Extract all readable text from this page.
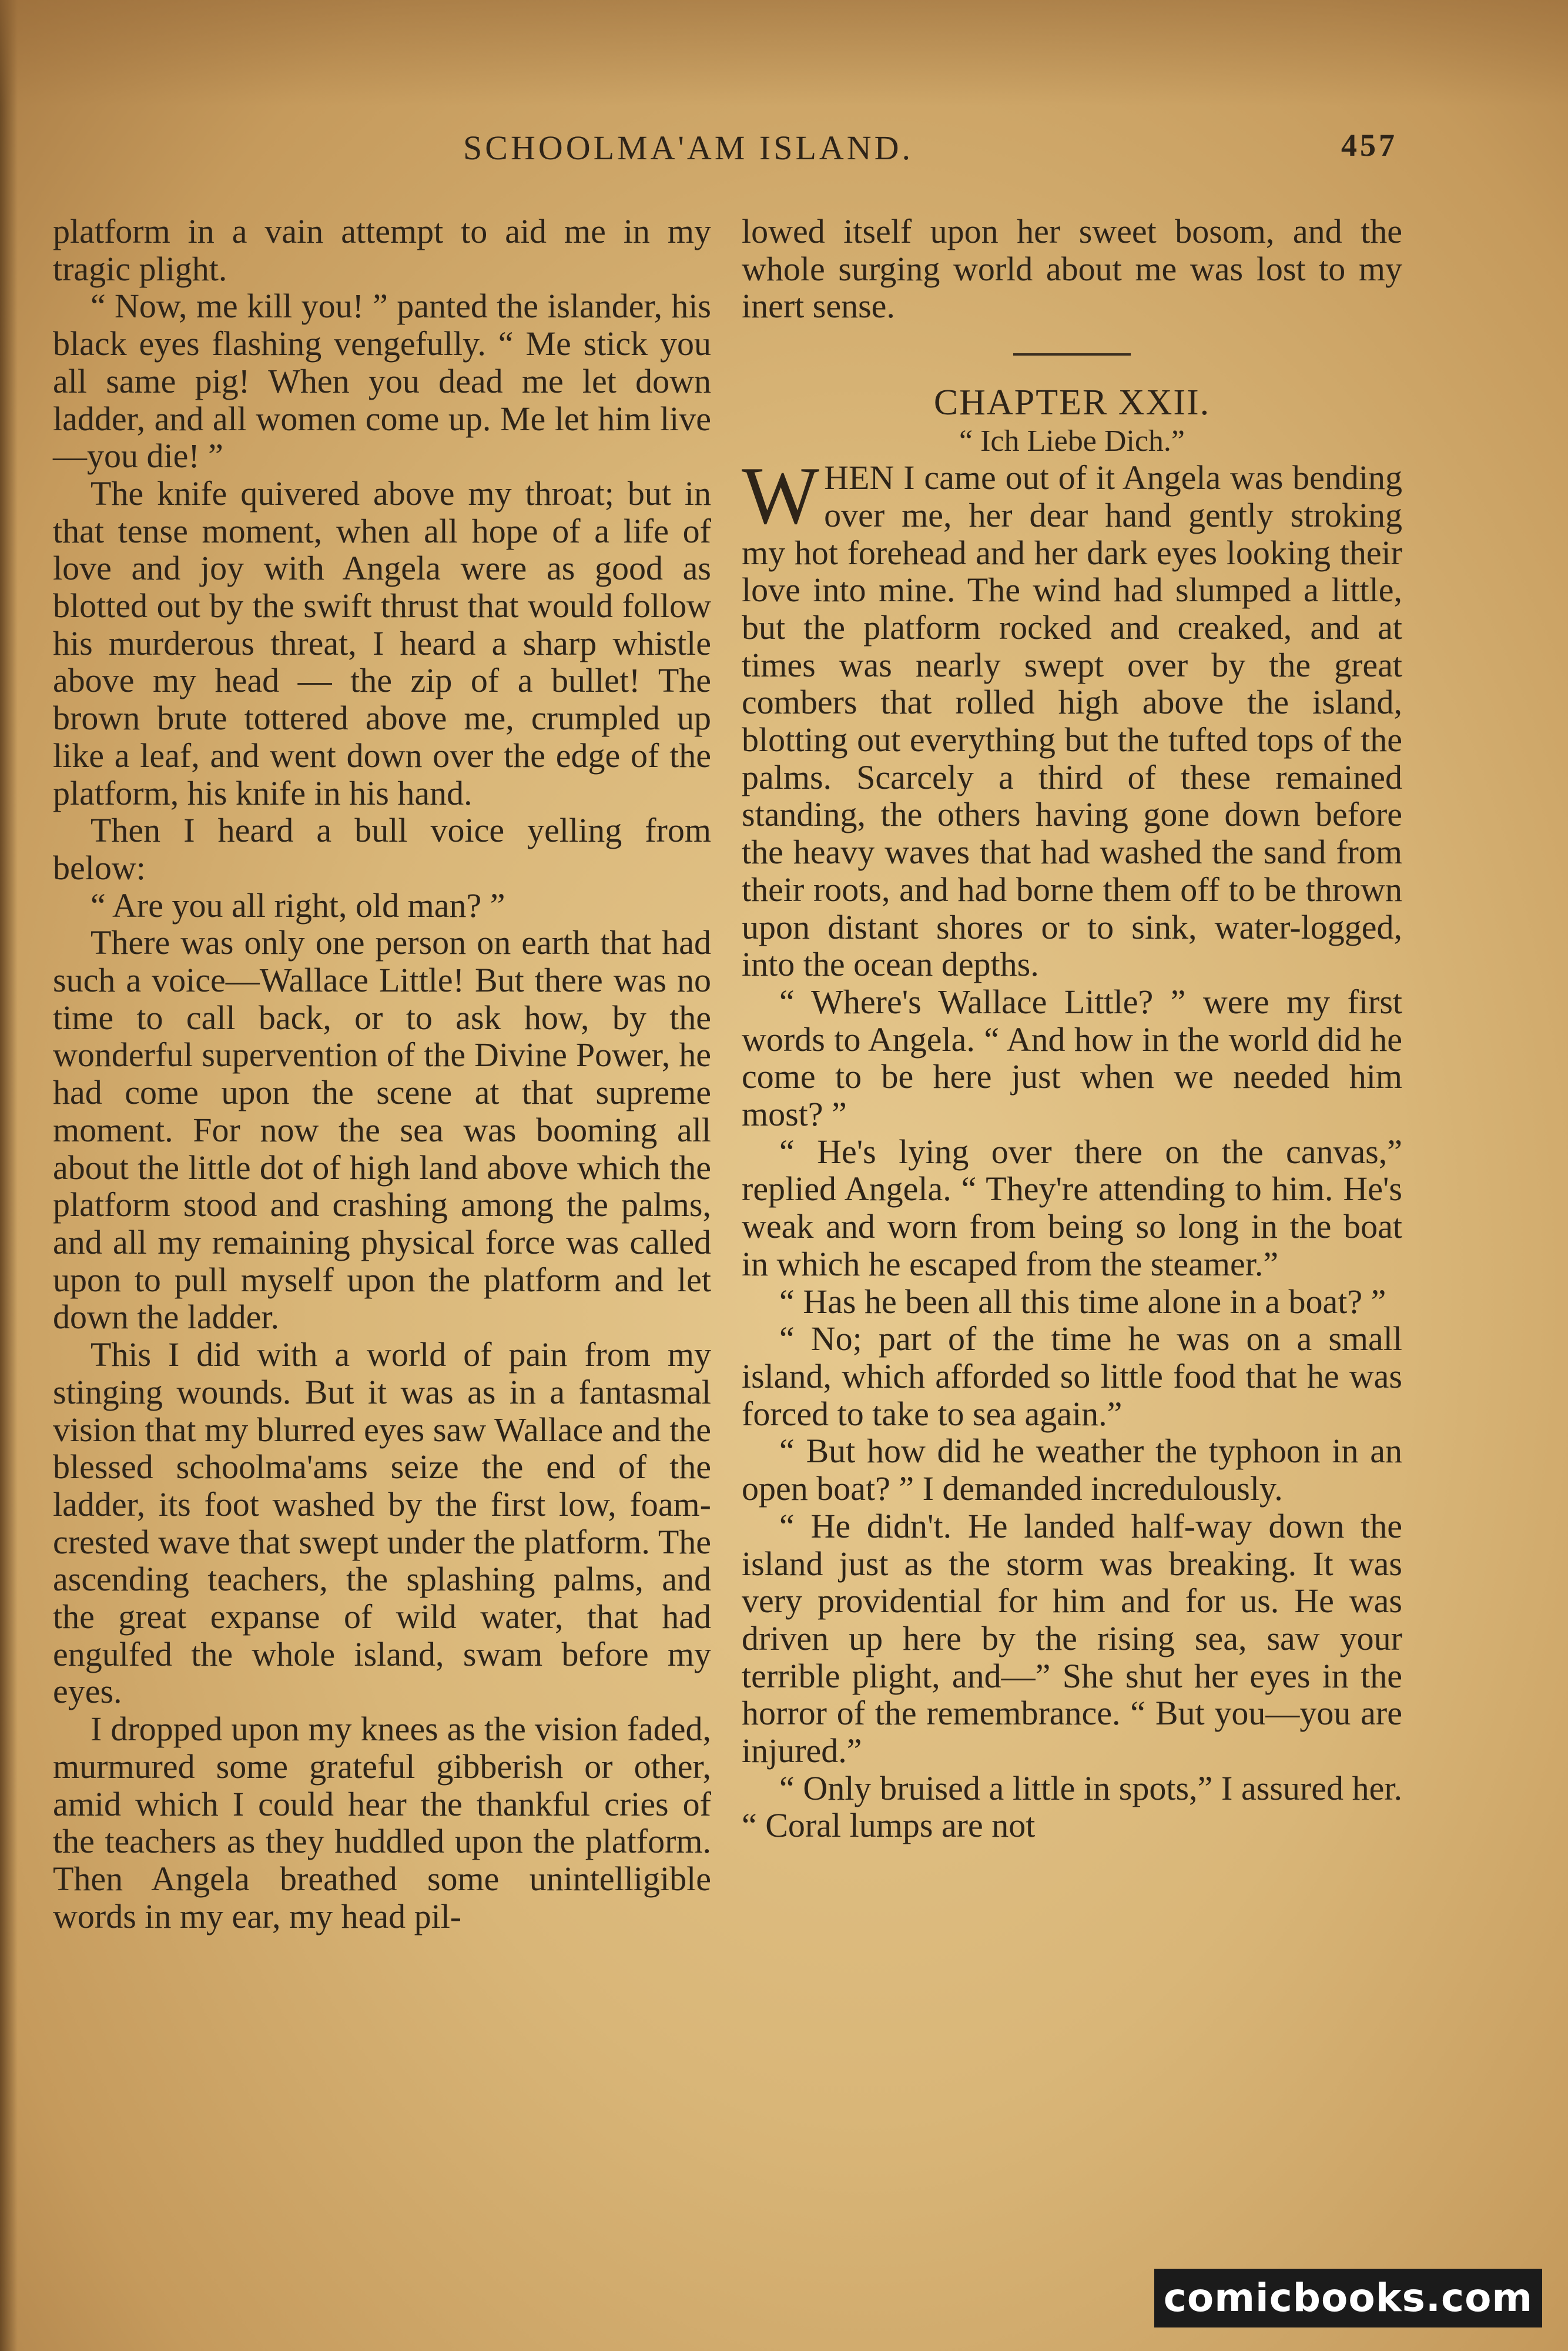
SCHOOLMA'AM ISLAND.	457

platform in a vain attempt to aid me in my tragic plight.

“ Now, me kill you! ” panted the islander, his black eyes flashing vengefully. “ Me stick you all same pig! When you dead me let down ladder, and all women come up. Me let him live—you die! ”

The knife quivered above my throat; but in that tense moment, when all hope of a life of love and joy with Angela were as good as blotted out by the swift thrust that would follow his murderous threat, I heard a sharp whistle above my head — the zip of a bullet! The brown brute tottered above me, crumpled up like a leaf, and went down over the edge of the platform, his knife in his hand.

Then I heard a bull voice yelling from below:

“ Are you all right, old man? ”

There was only one person on earth that had such a voice—Wallace Little! But there was no time to call back, or to ask how, by the wonderful supervention of the Divine Power, he had come upon the scene at that supreme moment. For now the sea was booming all about the little dot of high land above which the platform stood and crashing among the palms, and all my remaining physical force was called upon to pull myself upon the platform and let down the ladder.

This I did with a world of pain from my stinging wounds. But it was as in a fantasmal vision that my blurred eyes saw Wallace and the blessed schoolma'ams seize the end of the ladder, its foot washed by the first low, foam-crested wave that swept under the platform. The ascending teachers, the splashing palms, and the great expanse of wild water, that had engulfed the whole island, swam before my eyes.

I dropped upon my knees as the vision faded, murmured some grateful gibberish or other, amid which I could hear the thankful cries of the teachers as they huddled upon the platform. Then Angela breathed some unintelligible words in my ear, my head pil-

lowed itself upon her sweet bosom, and the whole surging world about me was lost to my inert sense.

CHAPTER XXII.

“ Ich Liebe Dich.”

WHEN I came out of it Angela was bending over me, her dear hand gently stroking my hot forehead and her dark eyes looking their love into mine. The wind had slumped a little, but the platform rocked and creaked, and at times was nearly swept over by the great combers that rolled high above the island, blotting out everything but the tufted tops of the palms. Scarcely a third of these remained standing, the others having gone down before the heavy waves that had washed the sand from their roots, and had borne them off to be thrown upon distant shores or to sink, water-logged, into the ocean depths.

“ Where's Wallace Little? ” were my first words to Angela. “ And how in the world did he come to be here just when we needed him most? ”

“ He's lying over there on the canvas,” replied Angela. “ They're attending to him. He's weak and worn from being so long in the boat in which he escaped from the steamer.”

“ Has he been all this time alone in a boat? ”

“ No; part of the time he was on a small island, which afforded so little food that he was forced to take to sea again.”

“ But how did he weather the typhoon in an open boat? ” I demanded incredulously.

“ He didn't. He landed half-way down the island just as the storm was breaking. It was very providential for him and for us. He was driven up here by the rising sea, saw your terrible plight, and—” She shut her eyes in the horror of the remembrance. “ But you—you are injured.”

“ Only bruised a little in spots,” I assured her. “ Coral lumps are not

comicbooks.com
